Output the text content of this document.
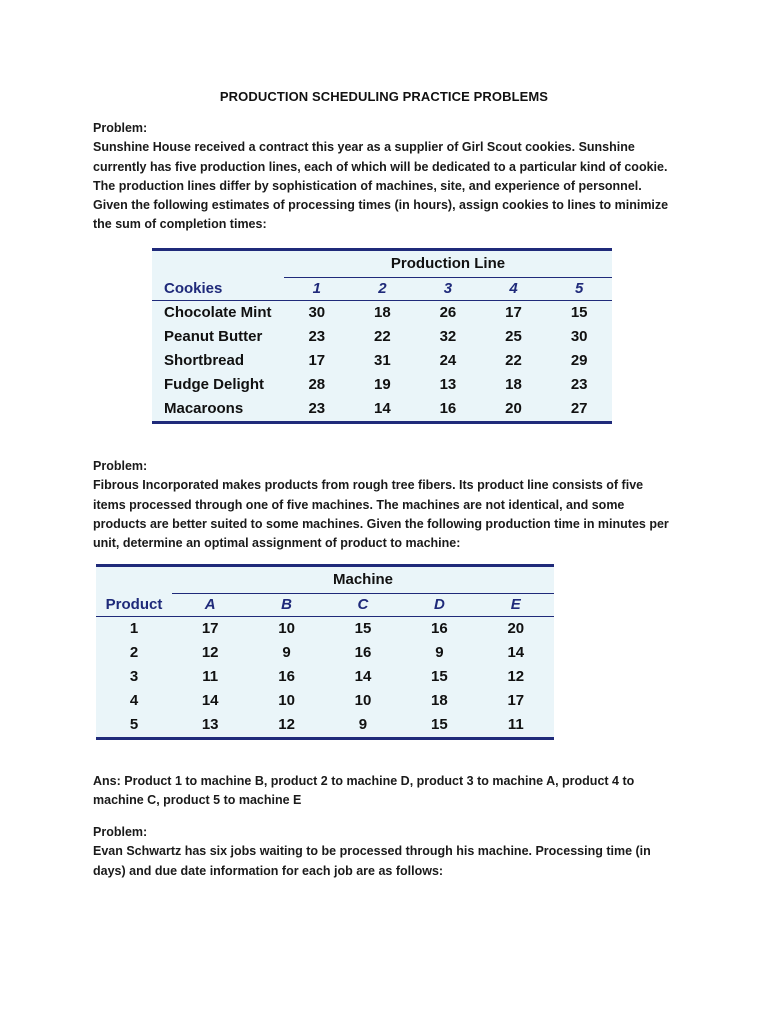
PRODUCTION SCHEDULING PRACTICE PROBLEMS
Problem:

Sunshine House received a contract this year as a supplier of Girl Scout cookies. Sunshine currently has five production lines, each of which will be dedicated to a particular kind of cookie. The production lines differ by sophistication of machines, site, and experience of personnel. Given the following estimates of processing times (in hours), assign cookies to lines to minimize the sum of completion times:

	Production Line				
Cookies	1	2	3	4	5
Chocolate Mint	30	18	26	17	15
Peanut Butter	23	22	32	25	30
Shortbread	17	31	24	22	29
Fudge Delight	28	19	13	18	23
Macaroons	23	14	16	20	27
Problem:

Fibrous Incorporated makes products from rough tree fibers. Its product line consists of five items processed through one of five machines. The machines are not identical, and some products are better suited to some machines. Given the following production time in minutes per unit, determine an optimal assignment of product to machine:

	Machine				
Product	A	B	C	D	E
1	17	10	15	16	20
2	12	9	16	9	14
3	11	16	14	15	12
4	14	10	10	18	17
5	13	12	9	15	11

Ans: Product 1 to machine B, product 2 to machine D, product 3 to machine A, product 4 to machine C, product 5 to machine E

Problem:

Evan Schwartz has six jobs waiting to be processed through his machine. Processing time (in days) and due date information for each job are as follows:
